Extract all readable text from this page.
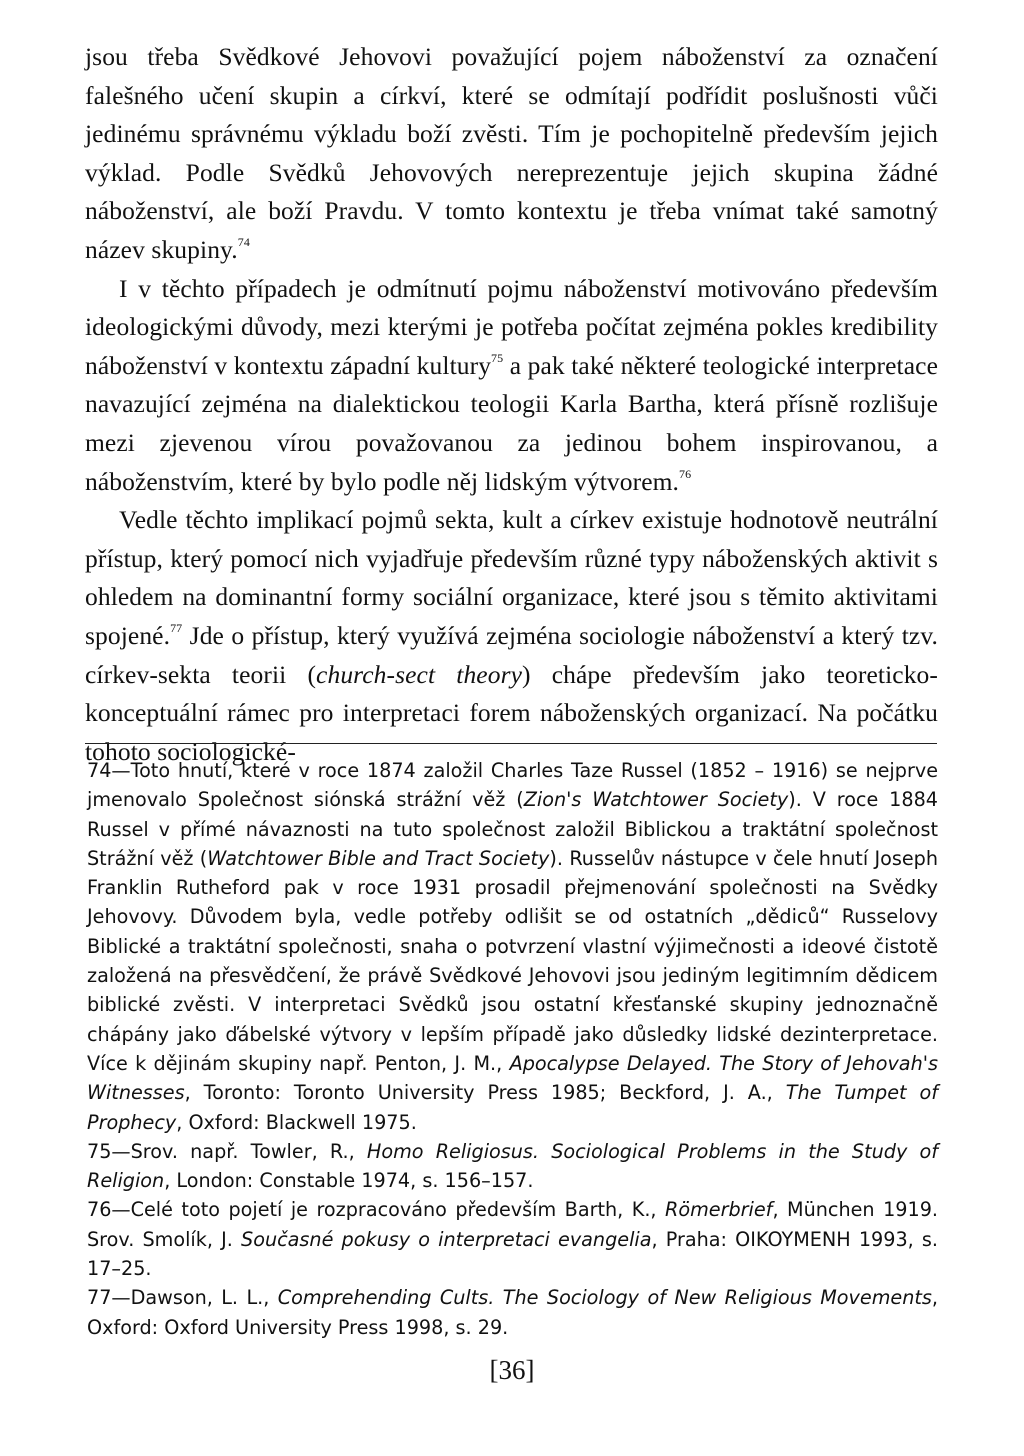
jsou třeba Svědkové Jehovovi považující pojem náboženství za označení falešného učení skupin a církví, které se odmítají podřídit poslušnosti vůči jedinému správnému výkladu boží zvěsti. Tím je pochopitelně především jejich výklad. Podle Svědků Jehovových nereprezentuje jejich skupina žádné náboženství, ale boží Pravdu. V tomto kontextu je třeba vnímat také samotný název skupiny.$^{74}$

I v těchto případech je odmítnutí pojmu náboženství motivováno především ideologickými důvody, mezi kterými je potřeba počítat zejména pokles kredibility náboženství v kontextu západní kultury$^{75}$ a pak také některé teologické interpretace navazující zejména na dialektickou teologii Karla Bartha, která přísně rozlišuje mezi zjevenou vírou považovanou za jedinou bohem inspirovanou, a náboženstvím, které by bylo podle něj lidským výtvorem.$^{76}$

Vedle těchto implikací pojmů sekta, kult a církev existuje hodnotově neutrální přístup, který pomocí nich vyjadřuje především různé typy náboženských aktivit s ohledem na dominantní formy sociální organizace, které jsou s těmito aktivitami spojené.$^{77}$ Jde o přístup, který využívá zejména sociologie náboženství a který tzv. církev-sekta teorii (church-sect theory) chápe především jako teoreticko-konceptuální rámec pro interpretaci forem náboženských organizací. Na počátku tohoto sociologické-

74—Toto hnutí, které v roce 1874 založil Charles Taze Russel (1852 – 1916) se nejprve jmenovalo Společnost siónská strážní věž (Zion's Watchtower Society). V roce 1884 Russel v přímé návaznosti na tuto společnost založil Biblickou a traktátní společnost Strážní věž (Watchtower Bible and Tract Society). Russelův nástupce v čele hnutí Joseph Franklin Rutheford pak v roce 1931 prosadil přejmenování společnosti na Svědky Jehovovy. Důvodem byla, vedle potřeby odlišit se od ostatních „dědiců“ Russelovy Biblické a traktátní společnosti, snaha o potvrzení vlastní výjimečnosti a ideové čistotě založená na přesvědčení, že právě Svědkové Jehovovi jsou jediným legitimním dědicem biblické zvěsti. V interpretaci Svědků jsou ostatní křesťanské skupiny jednoznačně chápány jako ďábelské výtvory v lepším případě jako důsledky lidské dezinterpretace. Více k dějinám skupiny např. Penton, J. M., Apocalypse Delayed. The Story of Jehovah's Witnesses, Toronto: Toronto University Press 1985; Beckford, J. A., The Tumpet of Prophecy, Oxford: Blackwell 1975.

75—Srov. např. Towler, R., Homo Religiosus. Sociological Problems in the Study of Religion, London: Constable 1974, s. 156–157.

76—Celé toto pojetí je rozpracováno především Barth, K., Römerbrief, München 1919. Srov. Smolík, J. Současné pokusy o interpretaci evangelia, Praha: OIKOYMENH 1993, s. 17–25.

77—Dawson, L. L., Comprehending Cults. The Sociology of New Religious Movements, Oxford: Oxford University Press 1998, s. 29.

[36]
